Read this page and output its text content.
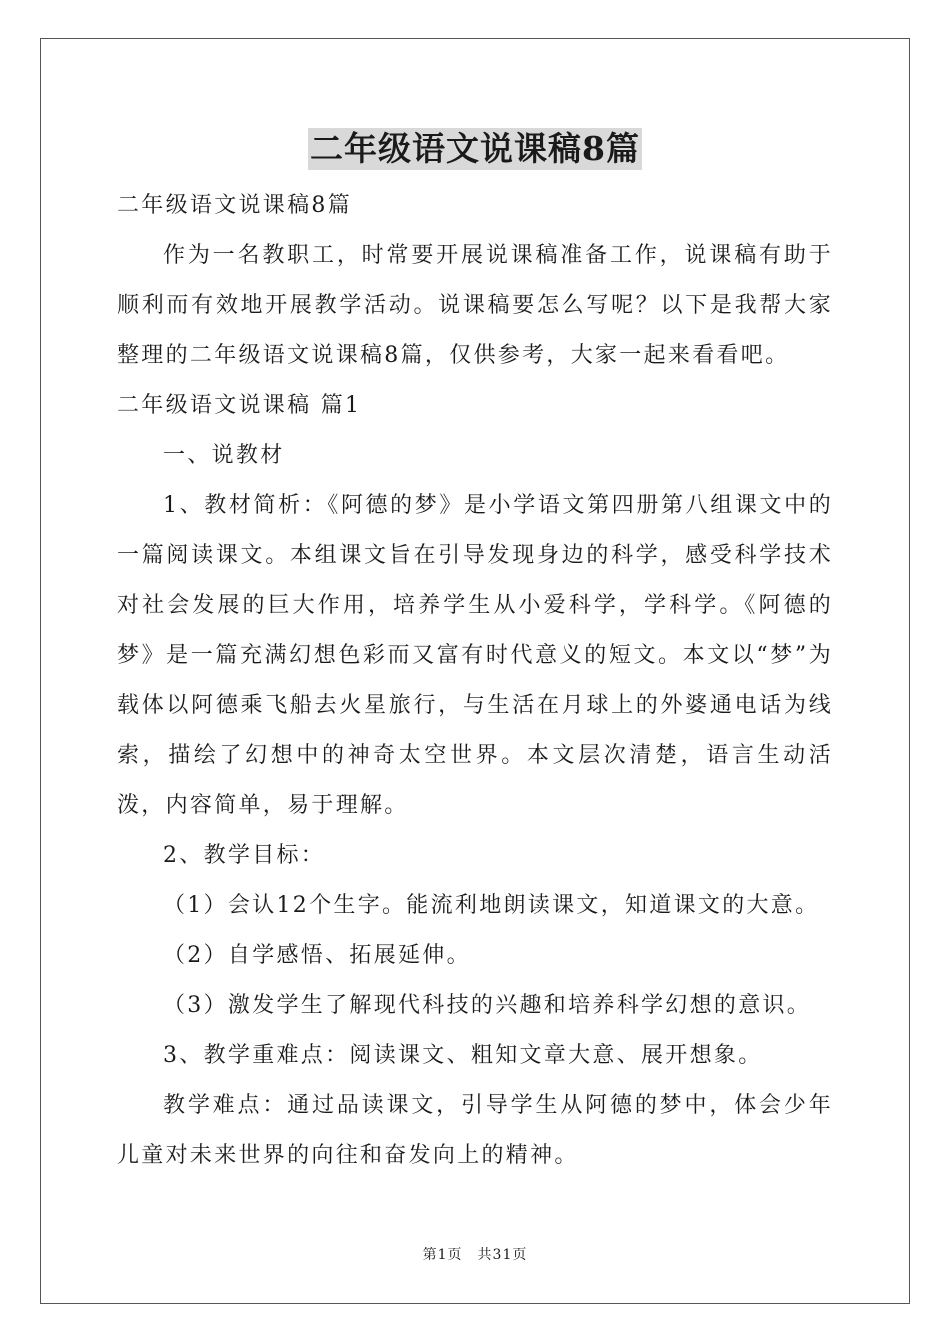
二年级语文说课稿8篇

二年级语文说课稿8篇

作为一名教职工，时常要开展说课稿准备工作，说课稿有助于顺利而有效地开展教学活动。说课稿要怎么写呢？以下是我帮大家整理的二年级语文说课稿8篇，仅供参考，大家一起来看看吧。

二年级语文说课稿 篇1

一、说教材

1、教材简析：《阿德的梦》是小学语文第四册第八组课文中的一篇阅读课文。本组课文旨在引导发现身边的科学，感受科学技术对社会发展的巨大作用，培养学生从小爱科学，学科学。《阿德的梦》是一篇充满幻想色彩而又富有时代意义的短文。本文以“梦”为载体以阿德乘飞船去火星旅行，与生活在月球上的外婆通电话为线索，描绘了幻想中的神奇太空世界。本文层次清楚，语言生动活泼，内容简单，易于理解。

2、教学目标：

（1）会认12个生字。能流利地朗读课文，知道课文的大意。

（2）自学感悟、拓展延伸。

（3）激发学生了解现代科技的兴趣和培养科学幻想的意识。

3、教学重难点：阅读课文、粗知文章大意、展开想象。

教学难点：通过品读课文，引导学生从阿德的梦中，体会少年儿童对未来世界的向往和奋发向上的精神。

第1页　共31页
